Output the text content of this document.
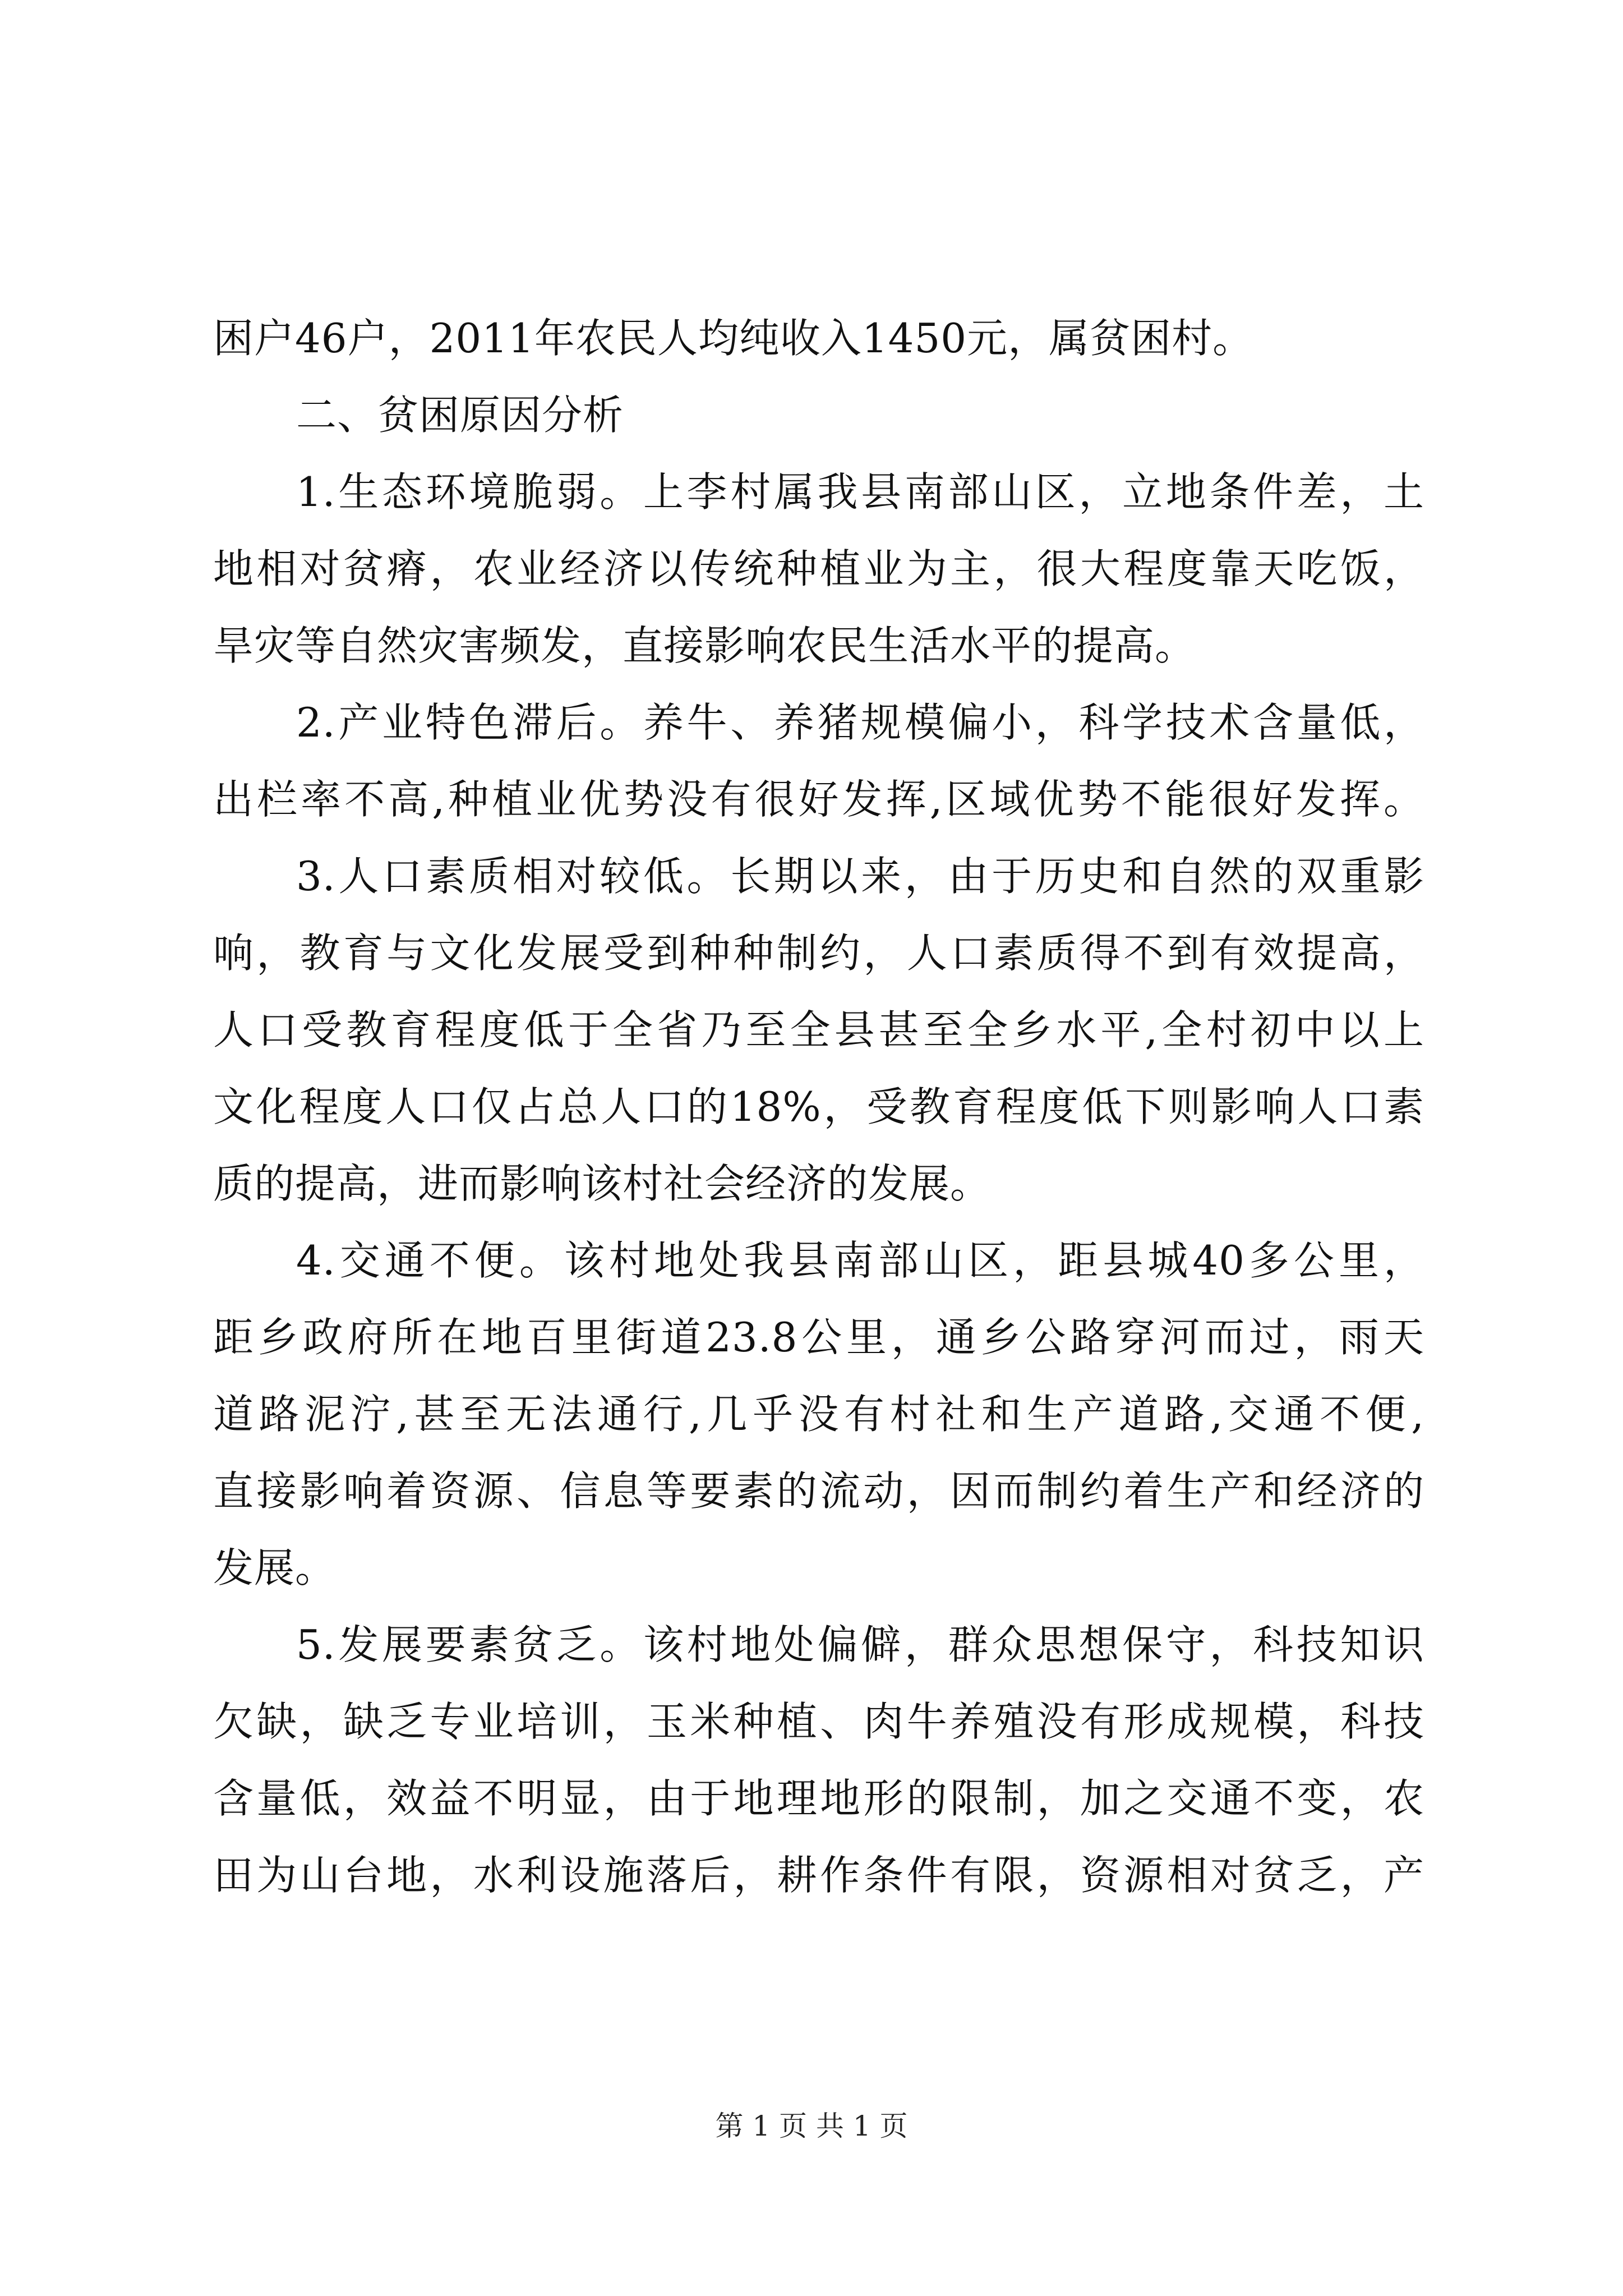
困户46户，2011年农民人均纯收入1450元，属贫困村。
二、贫困原因分析
1.生态环境脆弱。上李村属我县南部山区，立地条件差，土
地相对贫瘠，农业经济以传统种植业为主，很大程度靠天吃饭，
旱灾等自然灾害频发，直接影响农民生活水平的提高。
2.产业特色滞后。养牛、养猪规模偏小，科学技术含量低，
出栏率不高,种植业优势没有很好发挥,区域优势不能很好发挥。
3.人口素质相对较低。长期以来，由于历史和自然的双重影
响，教育与文化发展受到种种制约，人口素质得不到有效提高，
人口受教育程度低于全省乃至全县甚至全乡水平,全村初中以上
文化程度人口仅占总人口的18%，受教育程度低下则影响人口素
质的提高，进而影响该村社会经济的发展。
4.交通不便。该村地处我县南部山区，距县城40多公里，
距乡政府所在地百里街道23.8公里，通乡公路穿河而过，雨天
道路泥泞,甚至无法通行,几乎没有村社和生产道路,交通不便,
直接影响着资源、信息等要素的流动，因而制约着生产和经济的
发展。
5.发展要素贫乏。该村地处偏僻，群众思想保守，科技知识
欠缺，缺乏专业培训，玉米种植、肉牛养殖没有形成规模，科技
含量低，效益不明显，由于地理地形的限制，加之交通不变，农
田为山台地，水利设施落后，耕作条件有限，资源相对贫乏，产
第 1 页 共 1 页
